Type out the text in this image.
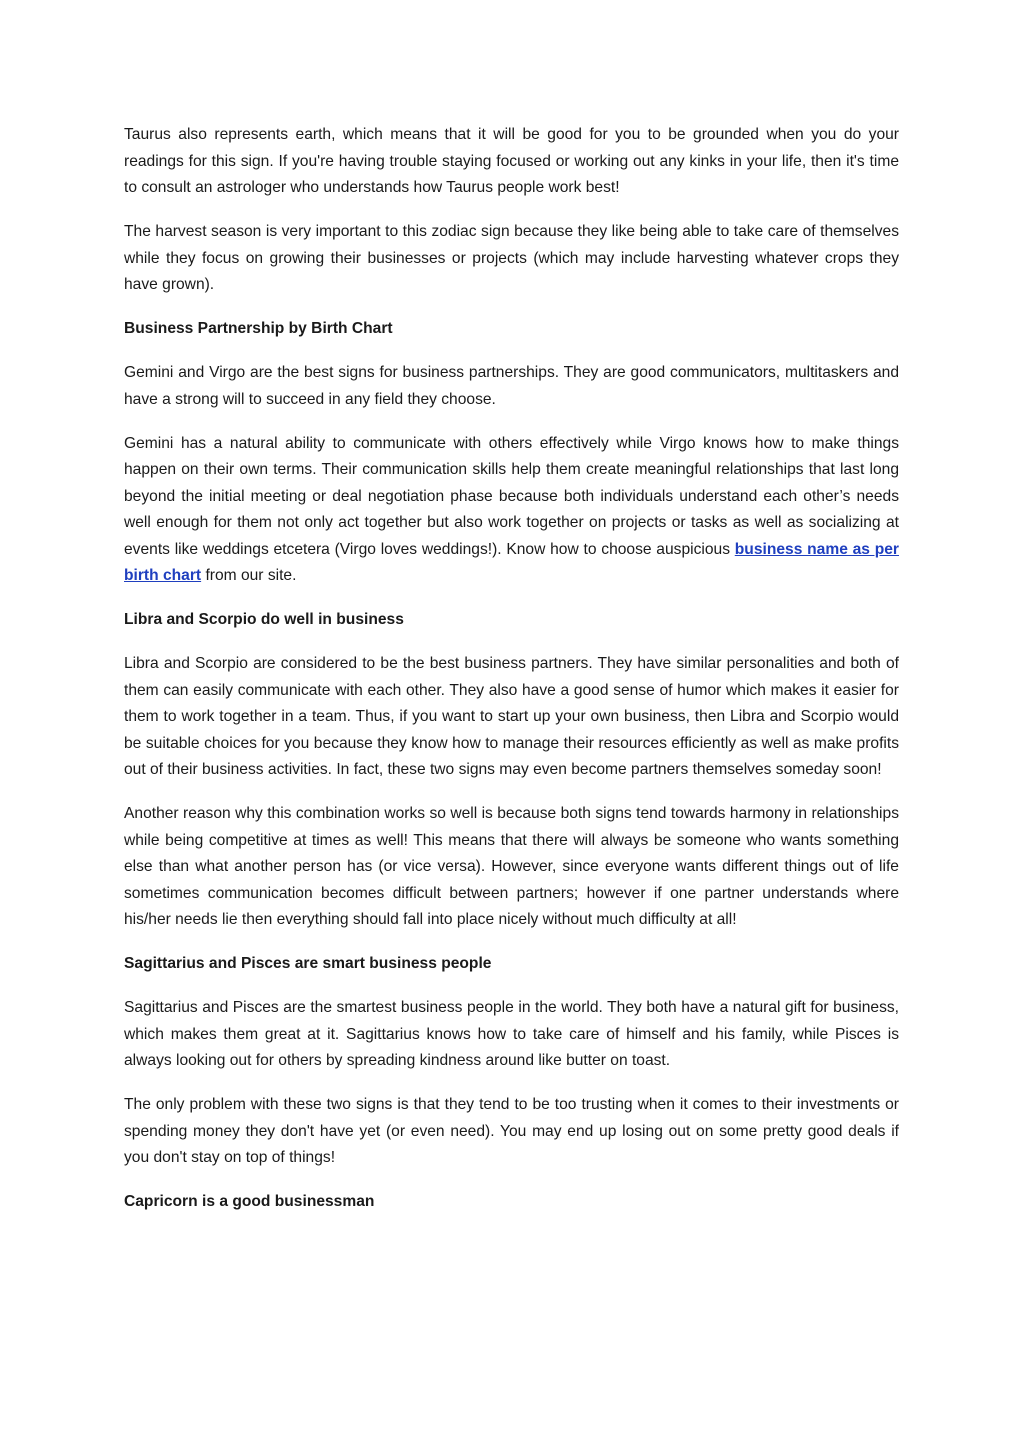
Taurus also represents earth, which means that it will be good for you to be grounded when you do your readings for this sign. If you're having trouble staying focused or working out any kinks in your life, then it's time to consult an astrologer who understands how Taurus people work best!

The harvest season is very important to this zodiac sign because they like being able to take care of themselves while they focus on growing their businesses or projects (which may include harvesting whatever crops they have grown).

Business Partnership by Birth Chart

Gemini and Virgo are the best signs for business partnerships. They are good communicators, multitaskers and have a strong will to succeed in any field they choose.

Gemini has a natural ability to communicate with others effectively while Virgo knows how to make things happen on their own terms. Their communication skills help them create meaningful relationships that last long beyond the initial meeting or deal negotiation phase because both individuals understand each other’s needs well enough for them not only act together but also work together on projects or tasks as well as socializing at events like weddings etcetera (Virgo loves weddings!). Know how to choose auspicious business name as per birth chart from our site.

Libra and Scorpio do well in business

Libra and Scorpio are considered to be the best business partners. They have similar personalities and both of them can easily communicate with each other. They also have a good sense of humor which makes it easier for them to work together in a team. Thus, if you want to start up your own business, then Libra and Scorpio would be suitable choices for you because they know how to manage their resources efficiently as well as make profits out of their business activities. In fact, these two signs may even become partners themselves someday soon!

Another reason why this combination works so well is because both signs tend towards harmony in relationships while being competitive at times as well! This means that there will always be someone who wants something else than what another person has (or vice versa). However, since everyone wants different things out of life sometimes communication becomes difficult between partners; however if one partner understands where his/her needs lie then everything should fall into place nicely without much difficulty at all!

Sagittarius and Pisces are smart business people

Sagittarius and Pisces are the smartest business people in the world. They both have a natural gift for business, which makes them great at it. Sagittarius knows how to take care of himself and his family, while Pisces is always looking out for others by spreading kindness around like butter on toast.

The only problem with these two signs is that they tend to be too trusting when it comes to their investments or spending money they don't have yet (or even need). You may end up losing out on some pretty good deals if you don't stay on top of things!

Capricorn is a good businessman
